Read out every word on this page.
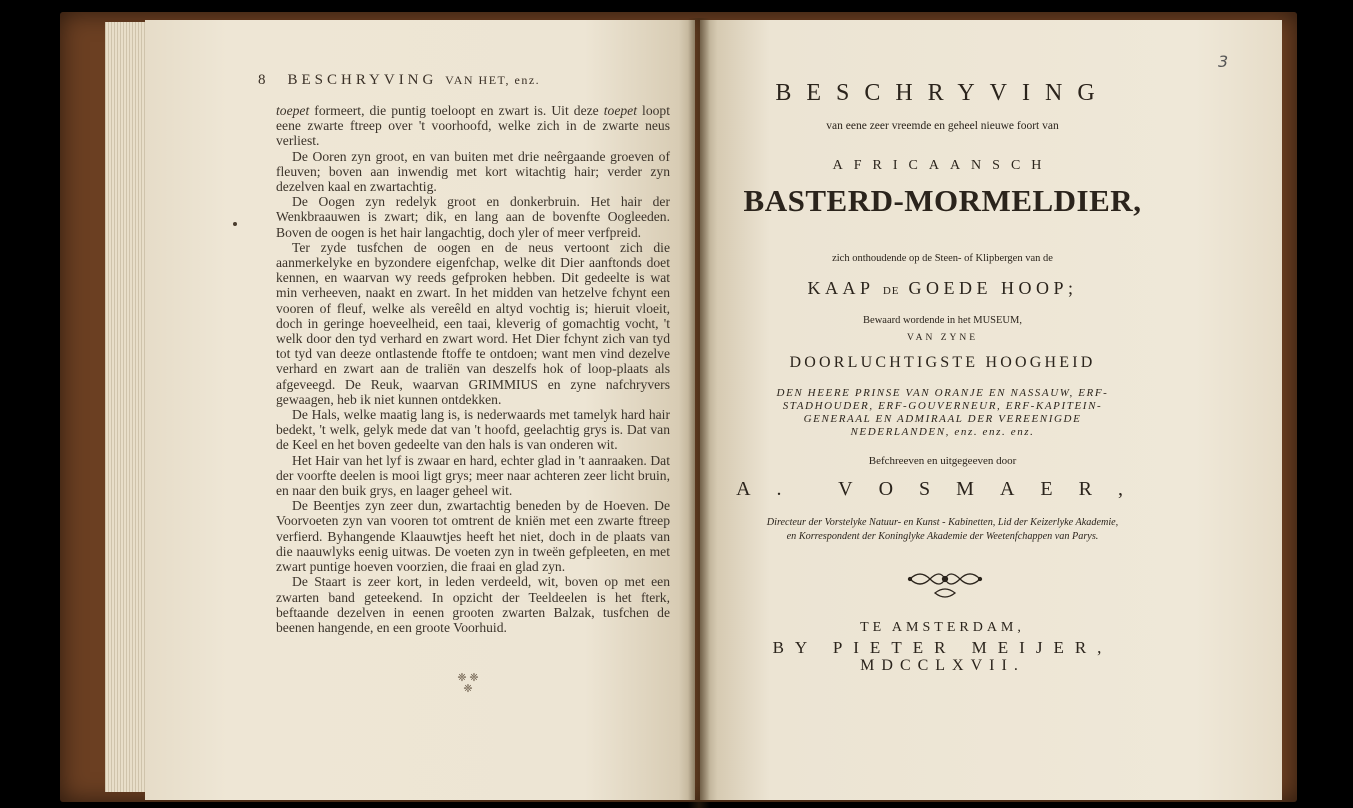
8 BESCHRYVING VAN HET, enz.

toepet formeert, die puntig toeloopt en zwart is. Uit deze toepet loopt eene zwarte ftreep over 't voorhoofd, welke zich in de zwarte neus verliest.

De Ooren zyn groot, en van buiten met drie neêrgaande groeven of fleuven; boven aan inwendig met kort witachtig hair; verder zyn dezelven kaal en zwartachtig.

De Oogen zyn redelyk groot en donkerbruin. Het hair der Wenkbraauwen is zwart; dik, en lang aan de bovenfte Oogleeden. Boven de oogen is het hair langachtig, doch yler of meer verfpreid.

Ter zyde tusfchen de oogen en de neus vertoont zich die aanmerkelyke en byzondere eigenfchap, welke dit Dier aanftonds doet kennen, en waarvan wy reeds gefproken hebben. Dit gedeelte is wat min verheeven, naakt en zwart. In het midden van hetzelve fchynt een vooren of fleuf, welke als vereêld en altyd vochtig is; hieruit vloeit, doch in geringe hoeveelheid, een taai, kleverig of gomachtig vocht, 't welk door den tyd verhard en zwart word. Het Dier fchynt zich van tyd tot tyd van deeze ontlastende ftoffe te ontdoen; want men vind dezelve verhard en zwart aan de traliën van deszelfs hok of loop-plaats als afgeveegd. De Reuk, waarvan GRIMMIUS en zyne nafchryvers gewaagen, heb ik niet kunnen ontdekken.

De Hals, welke maatig lang is, is nederwaards met tamelyk hard hair bedekt, 't welk, gelyk mede dat van 't hoofd, geelachtig grys is. Dat van de Keel en het boven gedeelte van den hals is van onderen wit.

Het Hair van het lyf is zwaar en hard, echter glad in 't aanraaken. Dat der voorfte deelen is mooi ligt grys; meer naar achteren zeer licht bruin, en naar den buik grys, en laager geheel wit.

De Beentjes zyn zeer dun, zwartachtig beneden by de Hoeven. De Voorvoeten zyn van vooren tot omtrent de kniën met een zwarte ftreep verfierd. Byhangende Klaauwtjes heeft het niet, doch in de plaats van die naauwlyks eenig uitwas. De voeten zyn in tweën gefpleeten, en met zwart puntige hoeven voorzien, die fraai en glad zyn.

De Staart is zeer kort, in leden verdeeld, wit, boven op met een zwarten band geteekend. In opzicht der Teeldeelen is het fterk, beftaande dezelven in eenen grooten zwarten Balzak, tusfchen de beenen hangende, en een groote Voorhuid.

❈ ❈
❈
3
BESCHRYVING
van eene zeer vreemde en geheel nieuwe foort van
AFRICAANSCH
BASTERD-MORMELDIER,
zich onthoudende op de Steen- of Klipbergen van de
KAAP DE GOEDE HOOP;
Bewaard wordende in het MUSEUM,
VAN ZYNE
DOORLUCHTIGSTE HOOGHEID
DEN HEERE PRINSE VAN ORANJE EN NASSAUW, ERF-
STADHOUDER, ERF-GOUVERNEUR, ERF-KAPITEIN-
GENERAAL EN ADMIRAAL DER VEREENIGDE
NEDERLANDEN, enz. enz. enz.
Befchreeven en uitgegeeven door
A. VOSMAER,
Directeur der Vorstelyke Natuur- en Kunst - Kabinetten, Lid der Keizerlyke Akademie,
en Korrespondent der Koninglyke Akademie der Weetenfchappen van Parys.
TE AMSTERDAM,
BY PIETER MEIJER,
MDCCLXVII.
